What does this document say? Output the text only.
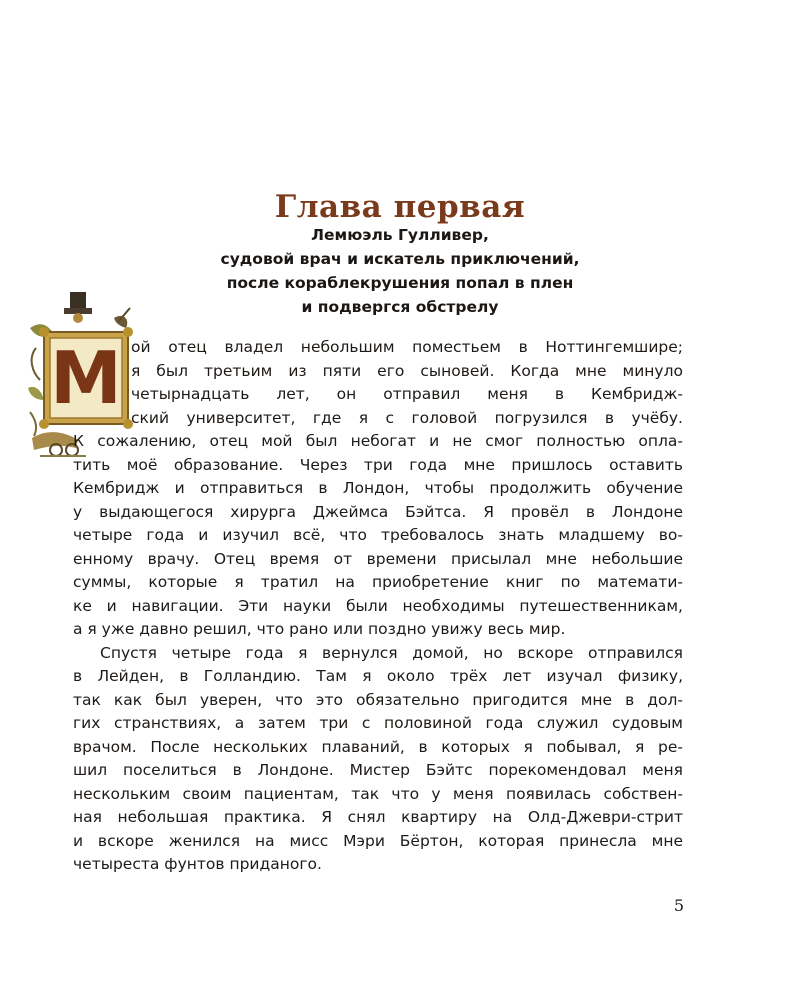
Глава первая
Лемюэль Гулливер,
судовой врач и искатель приключений,
после кораблекрушения попал в плен
и подвергся обстрелу
М ой отец владел небольшим поместьем в Ноттингемшире;
я был третьим из пяти его сыновей. Когда мне минуло
четырнадцать лет, он отправил меня в Кембридж-
ский университет, где я с головой погрузился в учёбу.
К сожалению, отец мой был небогат и не смог полностью опла-
тить моё образование. Через три года мне пришлось оставить
Кембридж и отправиться в Лондон, чтобы продолжить обучение
у выдающегося хирурга Джеймса Бэйтса. Я провёл в Лондоне
четыре года и изучил всё, что требовалось знать младшему во-
енному врачу. Отец время от времени присылал мне небольшие
суммы, которые я тратил на приобретение книг по математи-
ке и навигации. Эти науки были необходимы путешественникам,
а я уже давно решил, что рано или поздно увижу весь мир.
Спустя четыре года я вернулся домой, но вскоре отправился
в Лейден, в Голландию. Там я около трёх лет изучал физику,
так как был уверен, что это обязательно пригодится мне в дол-
гих странствиях, а затем три с половиной года служил судовым
врачом. После нескольких плаваний, в которых я побывал, я ре-
шил поселиться в Лондоне. Мистер Бэйтс порекомендовал меня
нескольким своим пациентам, так что у меня появилась собствен-
ная небольшая практика. Я снял квартиру на Олд-Джеври-стрит
и вскоре женился на мисс Мэри Бёртон, которая принесла мне
четыреста фунтов приданого.
5
